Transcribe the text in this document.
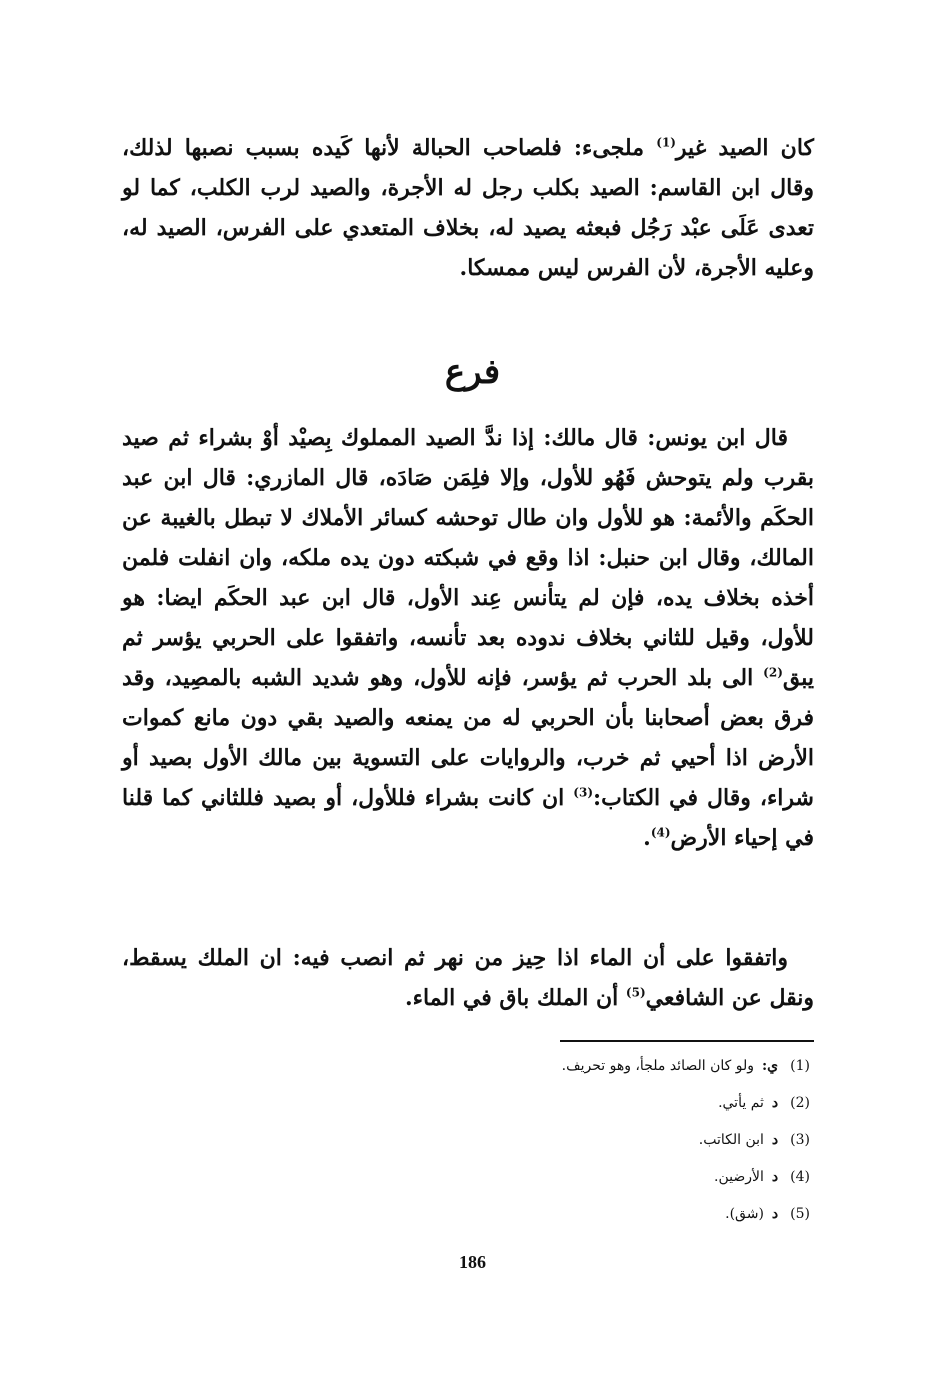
كان الصيد غير$^{(1)}$ ملجىء: فلصاحب الحبالة لأنها كَيده بسبب نصبها لذلك، وقال ابن القاسم: الصيد بكلب رجل له الأجرة، والصيد لرب الكلب، كما لو تعدى عَلَى عبْد رَجُل فبعثه يصيد له، بخلاف المتعدي على الفرس، الصيد له، وعليه الأجرة، لأن الفرس ليس ممسكا.

فرع

قال ابن يونس: قال مالك: إذا ندَّ الصيد المملوك بِصيْد أوْ بشراء ثم صيد بقرب ولم يتوحش فَهُو للأول، وإلا فلِمَن صَادَه، قال المازري: قال ابن عبد الحكَم والأئمة: هو للأول وان طال توحشه كسائر الأملاك لا تبطل بالغيبة عن المالك، وقال ابن حنبل: اذا وقع في شبكته دون يده ملكه، وان انفلت فلمن أخذه بخلاف يده، فإن لم يتأنس عِند الأول، قال ابن عبد الحكَم ايضا: هو للأول، وقيل للثاني بخلاف ندوده بعد تأنسه، واتفقوا على الحربي يؤسر ثم يبق$^{(2)}$ الى بلد الحرب ثم يؤسر، فإنه للأول، وهو شديد الشبه بالمصِيد، وقد فرق بعض أصحابنا بأن الحربي له من يمنعه والصيد بقي دون مانع كموات الأرض اذا أحيي ثم خرب، والروايات على التسوية بين مالك الأول بصيد أو شراء، وقال في الكتاب:$^{(3)}$ ان كانت بشراء فللأول، أو بصيد فللثاني كما قلنا في إحياء الأرض$^{(4)}$.

واتفقوا على أن الماء اذا حِيز من نهر ثم انصب فيه: ان الملك يسقط، ونقل عن الشافعي$^{(5)}$ أن الملك باق في الماء.

(1)ي:ولو كان الصائد ملجأ، وهو تحريف.
(2)دثم يأتي.
(3)دابن الكاتب.
(4)دالأرضين.
(5)د(شق).

186
